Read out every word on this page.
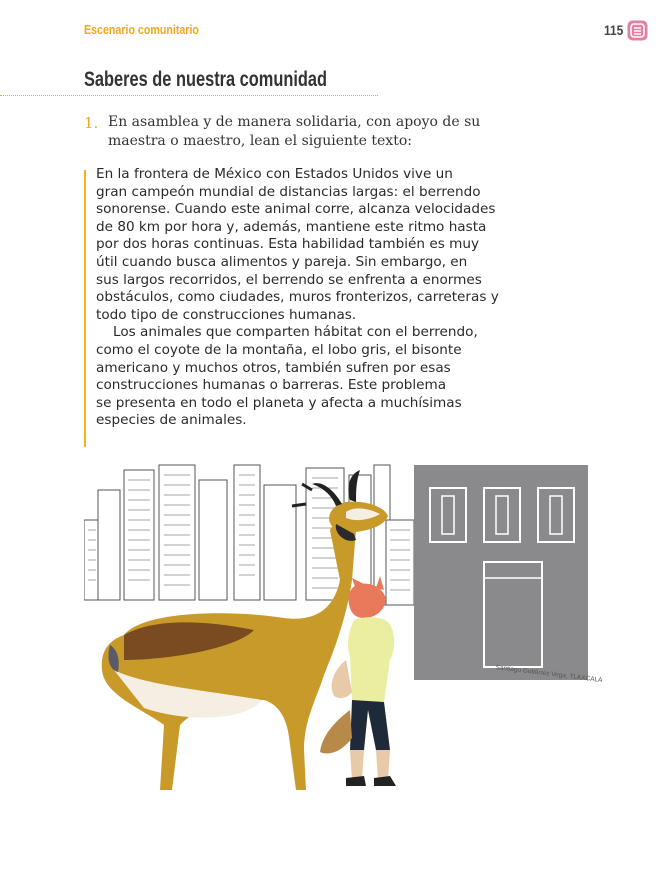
Escenario comunitario	115
Saberes de nuestra comunidad
1. En asamblea y de manera solidaria, con apoyo de su
maestra o maestro, lean el siguiente texto:
En la frontera de México con Estados Unidos vive un
gran campeón mundial de distancias largas: el berrendo
sonorense. Cuando este animal corre, alcanza velocidades
de 80 km por hora y, además, mantiene este ritmo hasta
por dos horas continuas. Esta habilidad también es muy
útil cuando busca alimentos y pareja. Sin embargo, en
sus largos recorridos, el berrendo se enfrenta a enormes
obstáculos, como ciudades, muros fronterizos, carreteras y
todo tipo de construcciones humanas.
Los animales que comparten hábitat con el berrendo,
como el coyote de la montaña, el lobo gris, el bisonte
americano y muchos otros, también sufren por esas
construcciones humanas o barreras. Este problema
se presenta en todo el planeta y afecta a muchísimas
especies de animales.
Santiago Gutiérrez Vega, TLAXCALA
